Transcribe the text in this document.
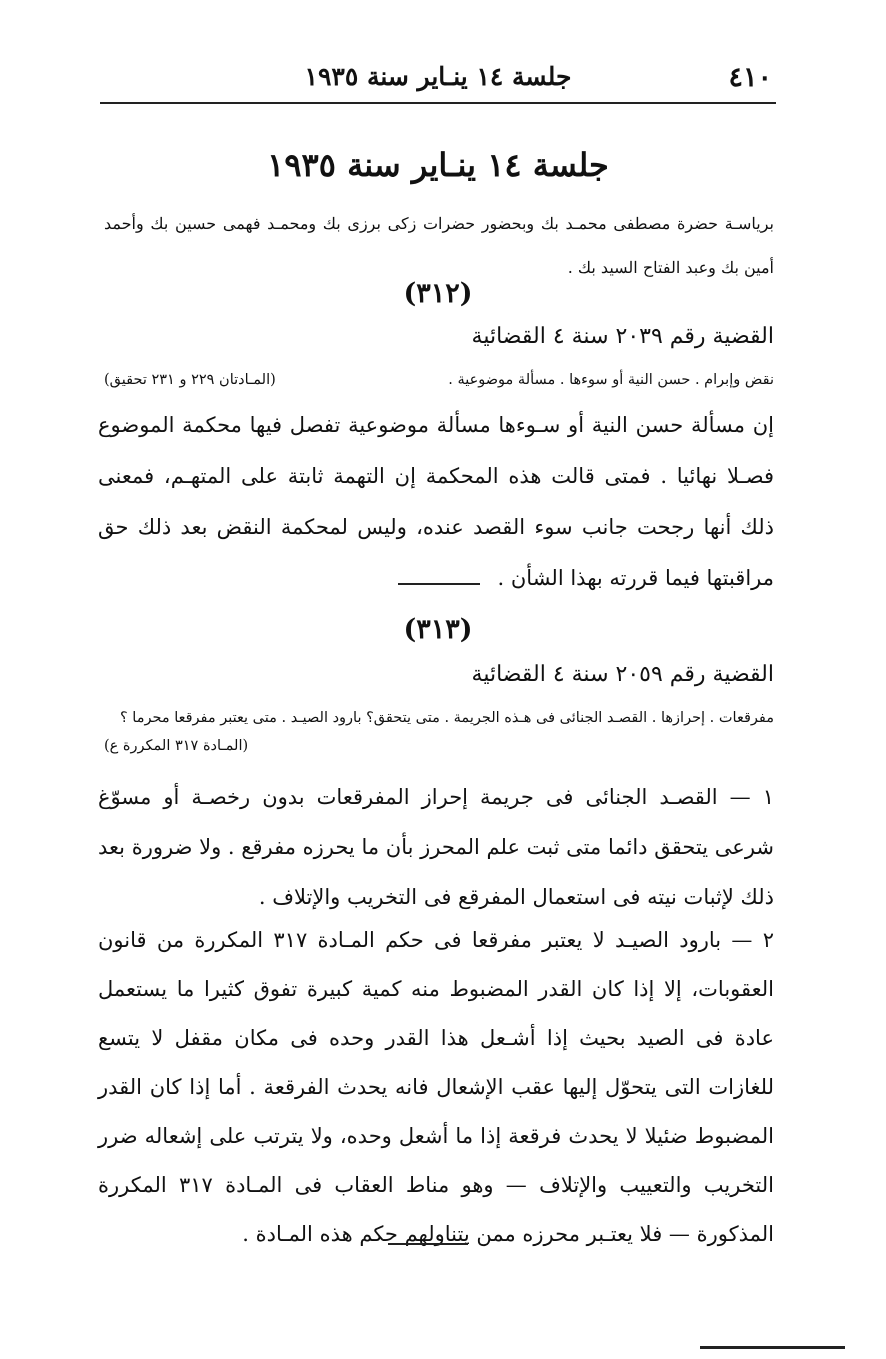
٤١٠
جلسة ١٤ ينـاير سنة ١٩٣٥
جلسة ١٤ ينـاير سنة ١٩٣٥
برياسـة حضرة مصطفى محمـد بك وبحضور حضرات زكى برزى بك ومحمـد فهمى حسين بك وأحمد أمين بك وعبد الفتاح السيد بك .
(٣١٢)
القضية رقم ٢٠٣٩ سنة ٤ القضائية
نقض وإبرام . حسن النية أو سوءها . مسألة موضوعية .
(المـادتان ٢٢٩ و ٢٣١ تحقيق)
إن مسألة حسن النية أو سـوءها مسألة موضوعية تفصل فيها محكمة الموضوع فصـلا نهائيا . فمتى قالت هذه المحكمة إن التهمة ثابتة على المتهـم، فمعنى ذلك أنها رجحت جانب سوء القصد عنده، وليس لمحكمة النقض بعد ذلك حق مراقبتها فيما قررته بهذا الشأن .
(٣١٣)
القضية رقم ٢٠٥٩ سنة ٤ القضائية
مفرقعات . إحرازها . القصـد الجنائى فى هـذه الجريمة . متى يتحقق؟ بارود الصيـد . متى يعتبر مفرقعا محرما ؟
(المـادة ٣١٧ المكررة ع)
١ — القصـد الجنائى فى جريمة إحراز المفرقعات بدون رخصـة أو مسوّغ شرعى يتحقق دائما متى ثبت علم المحرز بأن ما يحرزه مفرقع . ولا ضرورة بعد ذلك لإثبات نيته فى استعمال المفرقع فى التخريب والإتلاف .
٢ — بارود الصيـد لا يعتبر مفرقعا فى حكم المـادة ٣١٧ المكررة من قانون العقوبات، إلا إذا كان القدر المضبوط منه كمية كبيرة تفوق كثيرا ما يستعمل عادة فى الصيد بحيث إذا أشـعل هذا القدر وحده فى مكان مقفل لا يتسع للغازات التى يتحوّل إليها عقب الإشعال فانه يحدث الفرقعة . أما إذا كان القدر المضبوط ضئيلا لا يحدث فرقعة إذا ما أشعل وحده، ولا يترتب على إشعاله ضرر التخريب والتعييب والإتلاف — وهو مناط العقاب فى المـادة ٣١٧ المكررة المذكورة — فلا يعتـبر محرزه ممن يتناولهم حكم هذه المـادة .
